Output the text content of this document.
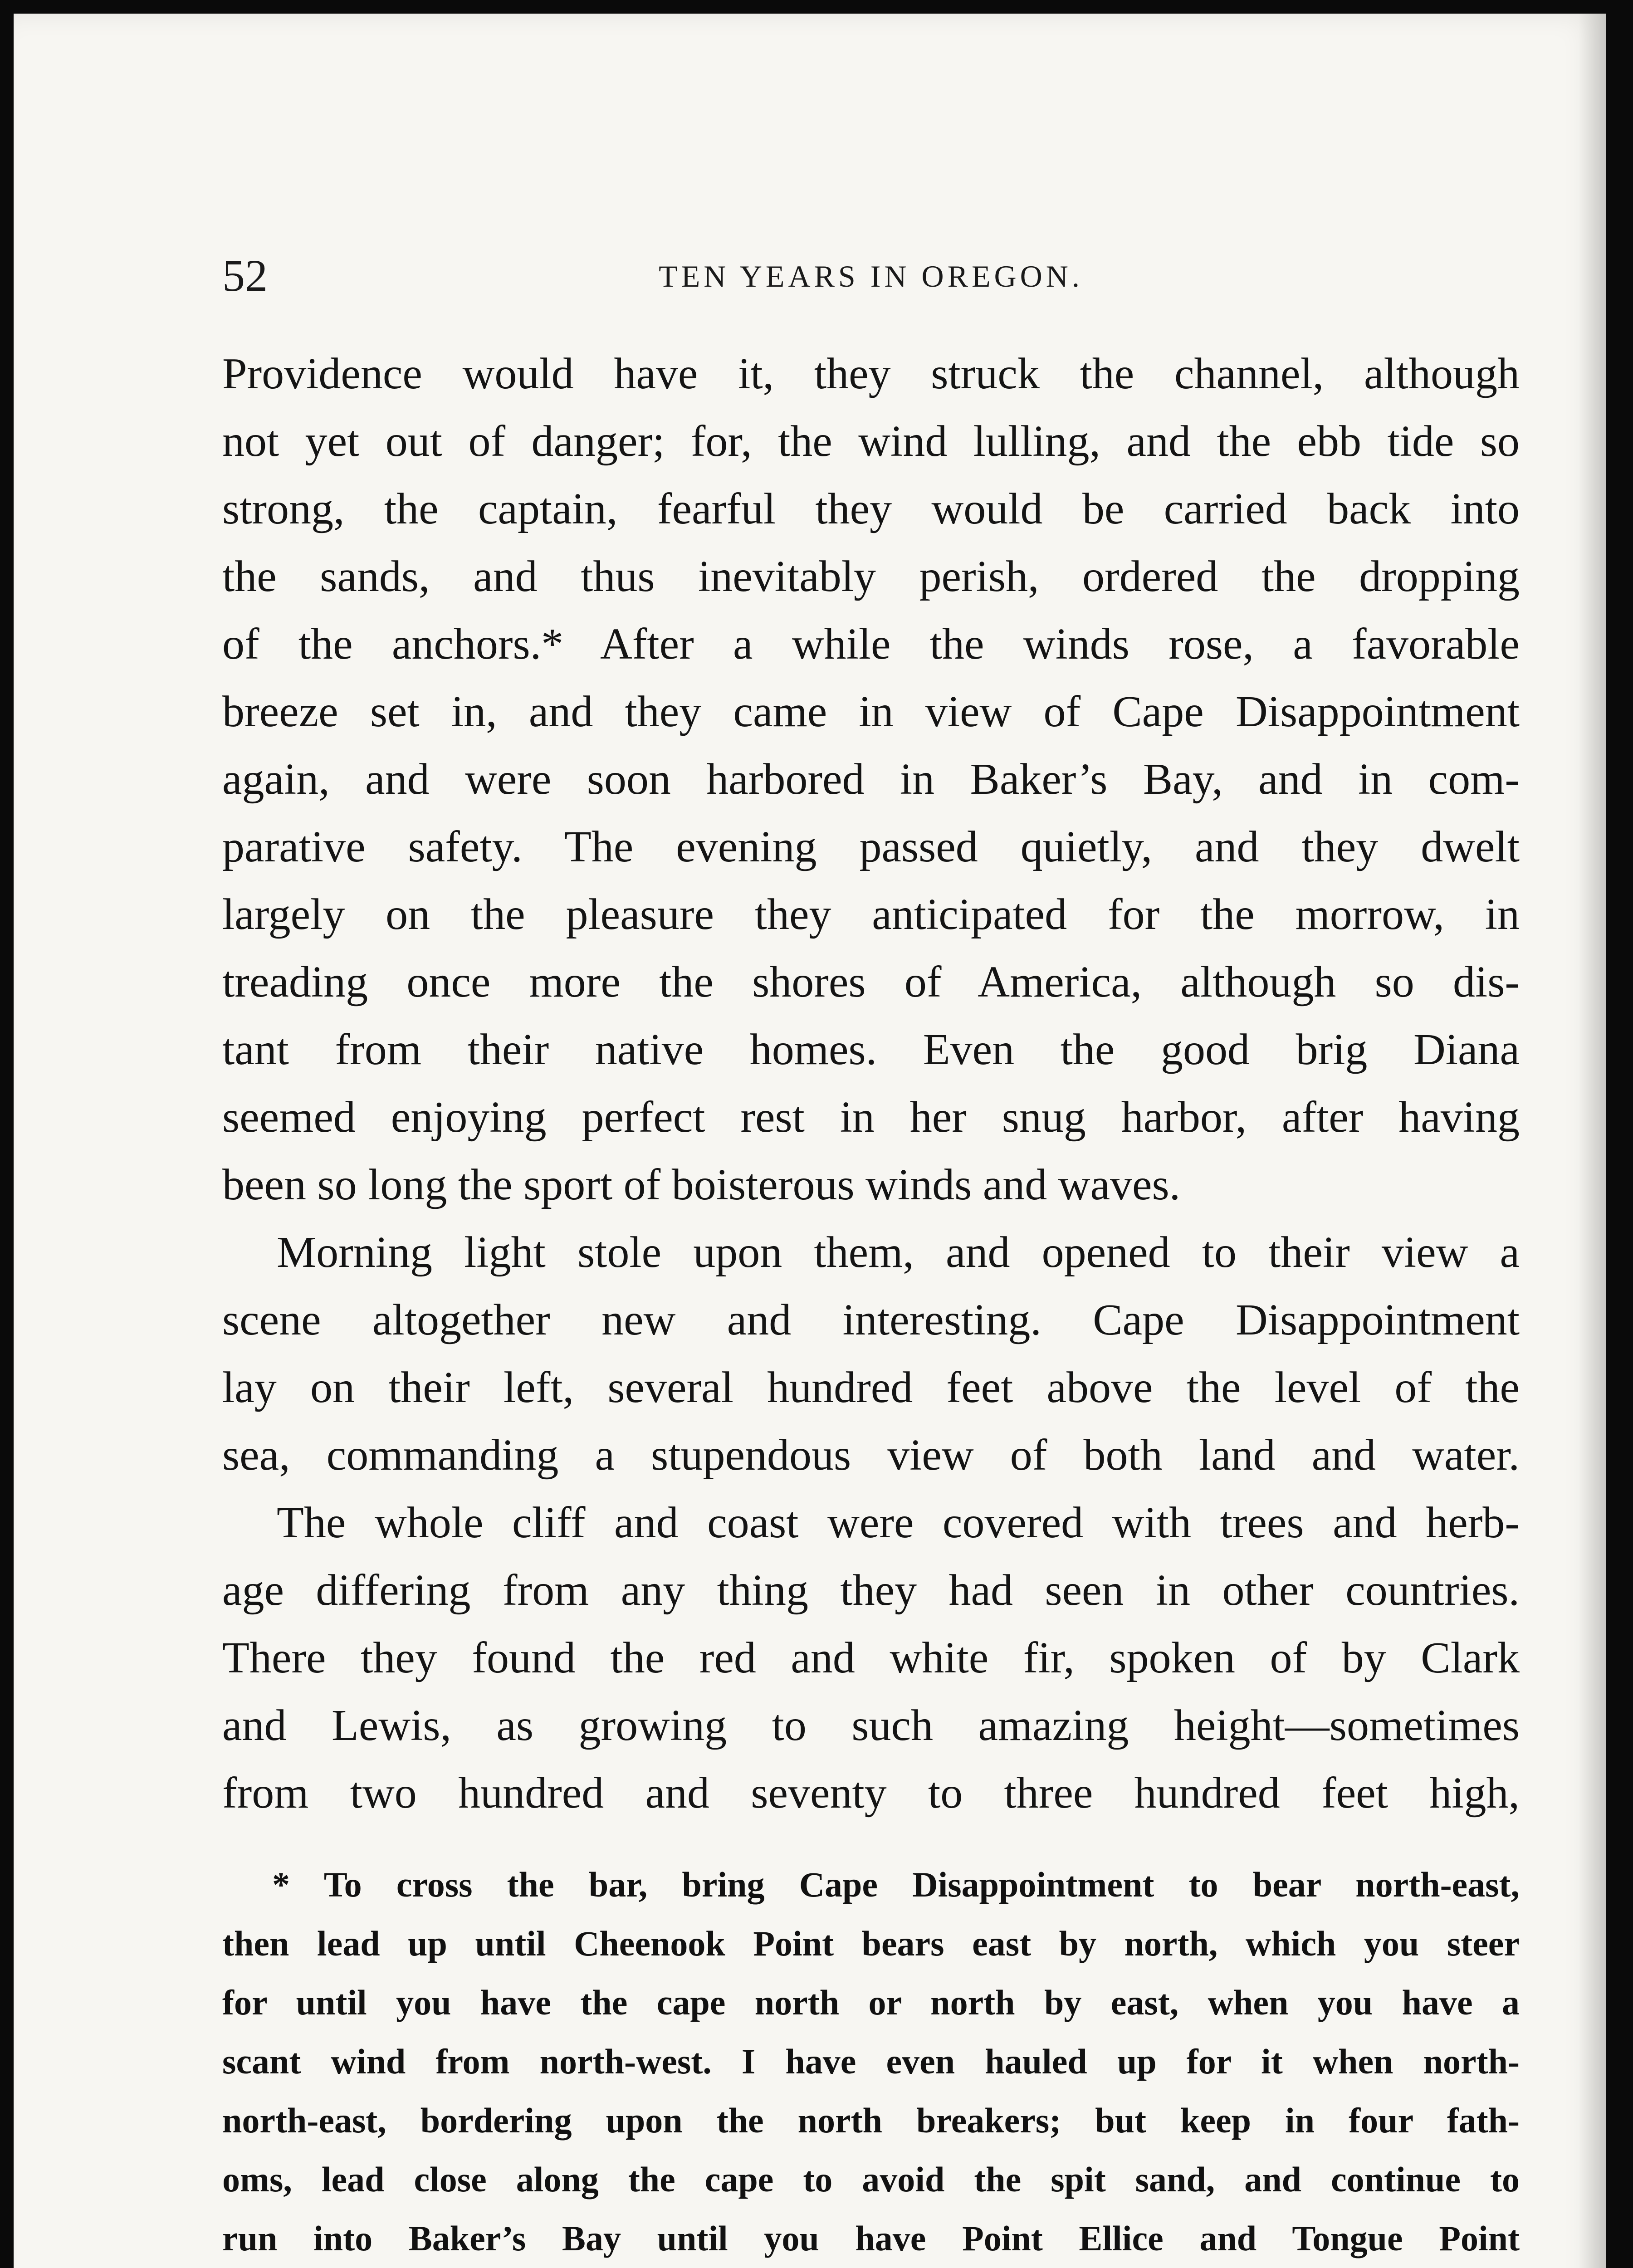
52	TEN YEARS IN OREGON.
Providence would have it, they struck the channel, although
not yet out of danger; for, the wind lulling, and the ebb tide so
strong, the captain, fearful they would be carried back into
the sands, and thus inevitably perish, ordered the dropping
of the anchors.* After a while the winds rose, a favorable
breeze set in, and they came in view of Cape Disappointment
again, and were soon harbored in Baker’s Bay, and in com-
parative safety. The evening passed quietly, and they dwelt
largely on the pleasure they anticipated for the morrow, in
treading once more the shores of America, although so dis-
tant from their native homes. Even the good brig Diana
seemed enjoying perfect rest in her snug harbor, after having
been so long the sport of boisterous winds and waves.
Morning light stole upon them, and opened to their view a
scene altogether new and interesting. Cape Disappointment
lay on their left, several hundred feet above the level of the
sea, commanding a stupendous view of both land and water.
The whole cliff and coast were covered with trees and herb-
age differing from any thing they had seen in other countries.
There they found the red and white fir, spoken of by Clark
and Lewis, as growing to such amazing height—sometimes
from two hundred and seventy to three hundred feet high,
* To cross the bar, bring Cape Disappointment to bear north-east,
then lead up until Cheenook Point bears east by north, which you steer
for until you have the cape north or north by east, when you have a
scant wind from north-west. I have even hauled up for it when north-
north-east, bordering upon the north breakers; but keep in four fath-
oms, lead close along the cape to avoid the spit sand, and continue to
run into Baker’s Bay until you have Point Ellice and Tongue Point
